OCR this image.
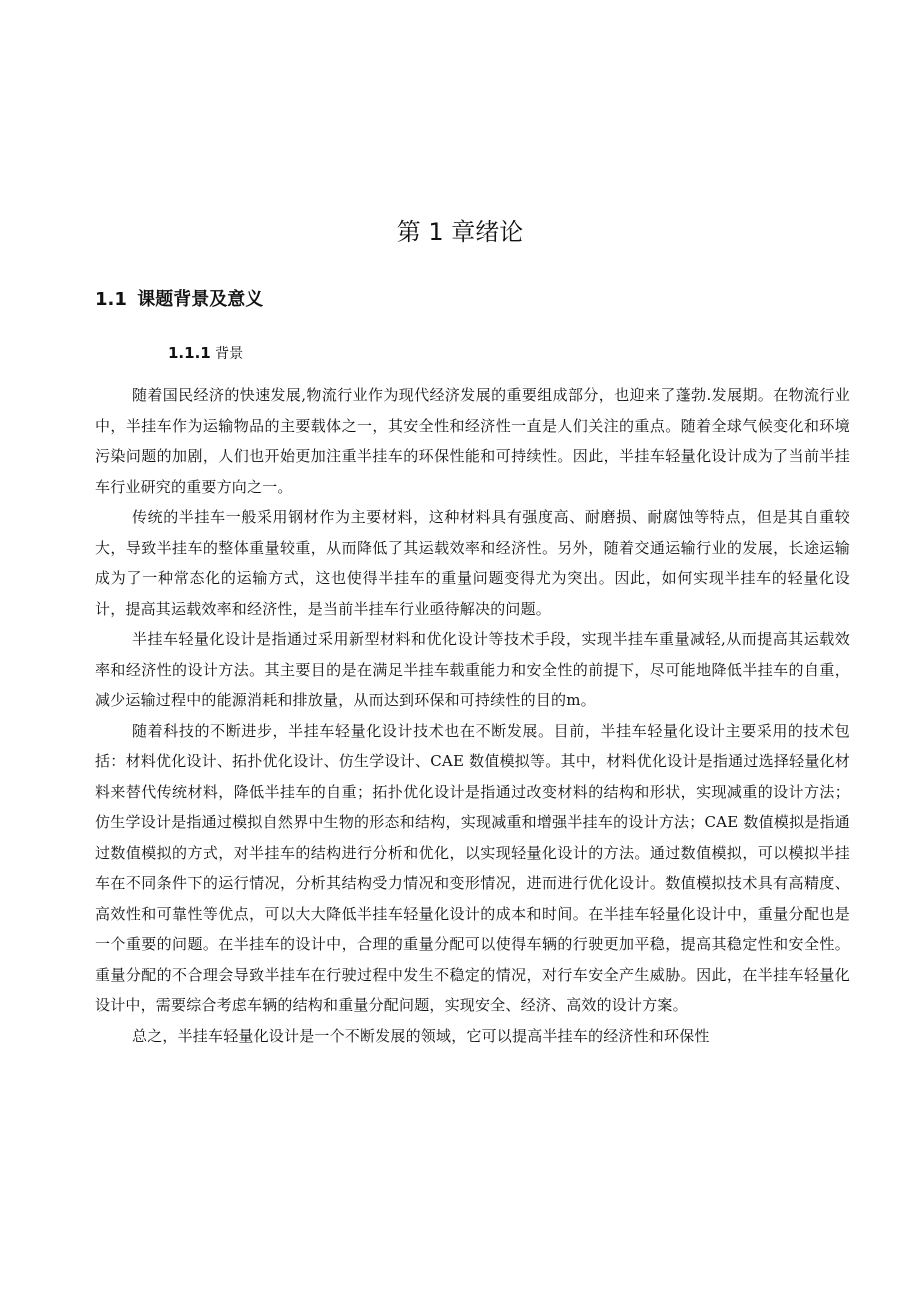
第 1 章绪论
1.1 课题背景及意义
1.1.1 背景

随着国民经济的快速发展,物流行业作为现代经济发展的重要组成部分，也迎来了蓬勃.发展期。在物流行业中，半挂车作为运输物品的主要载体之一，其安全性和经济性一直是人们关注的重点。随着全球气候变化和环境污染问题的加剧，人们也开始更加注重半挂车的环保性能和可持续性。因此，半挂车轻量化设计成为了当前半挂车行业研究的重要方向之一。

传统的半挂车一般采用钢材作为主要材料，这种材料具有强度高、耐磨损、耐腐蚀等特点，但是其自重较大，导致半挂车的整体重量较重，从而降低了其运载效率和经济性。另外，随着交通运输行业的发展，长途运输成为了一种常态化的运输方式，这也使得半挂车的重量问题变得尤为突出。因此，如何实现半挂车的轻量化设计，提高其运载效率和经济性，是当前半挂车行业亟待解决的问题。

半挂车轻量化设计是指通过采用新型材料和优化设计等技术手段，实现半挂车重量减轻,从而提高其运载效率和经济性的设计方法。其主要目的是在满足半挂车载重能力和安全性的前提下，尽可能地降低半挂车的自重，减少运输过程中的能源消耗和排放量，从而达到环保和可持续性的目的m。

随着科技的不断进步，半挂车轻量化设计技术也在不断发展。目前，半挂车轻量化设计主要采用的技术包括：材料优化设计、拓扑优化设计、仿生学设计、CAE 数值模拟等。其中，材料优化设计是指通过选择轻量化材料来替代传统材料，降低半挂车的自重；拓扑优化设计是指通过改变材料的结构和形状，实现减重的设计方法；仿生学设计是指通过模拟自然界中生物的形态和结构，实现减重和增强半挂车的设计方法；CAE 数值模拟是指通过数值模拟的方式，对半挂车的结构进行分析和优化，以实现轻量化设计的方法。通过数值模拟，可以模拟半挂车在不同条件下的运行情况，分析其结构受力情况和变形情况，进而进行优化设计。数值模拟技术具有高精度、高效性和可靠性等优点，可以大大降低半挂车轻量化设计的成本和时间。在半挂车轻量化设计中，重量分配也是一个重要的问题。在半挂车的设计中，合理的重量分配可以使得车辆的行驶更加平稳，提高其稳定性和安全性。重量分配的不合理会导致半挂车在行驶过程中发生不稳定的情况，对行车安全产生威胁。因此，在半挂车轻量化设计中，需要综合考虑车辆的结构和重量分配问题，实现安全、经济、高效的设计方案。

总之，半挂车轻量化设计是一个不断发展的领域，它可以提高半挂车的经济性和环保性
